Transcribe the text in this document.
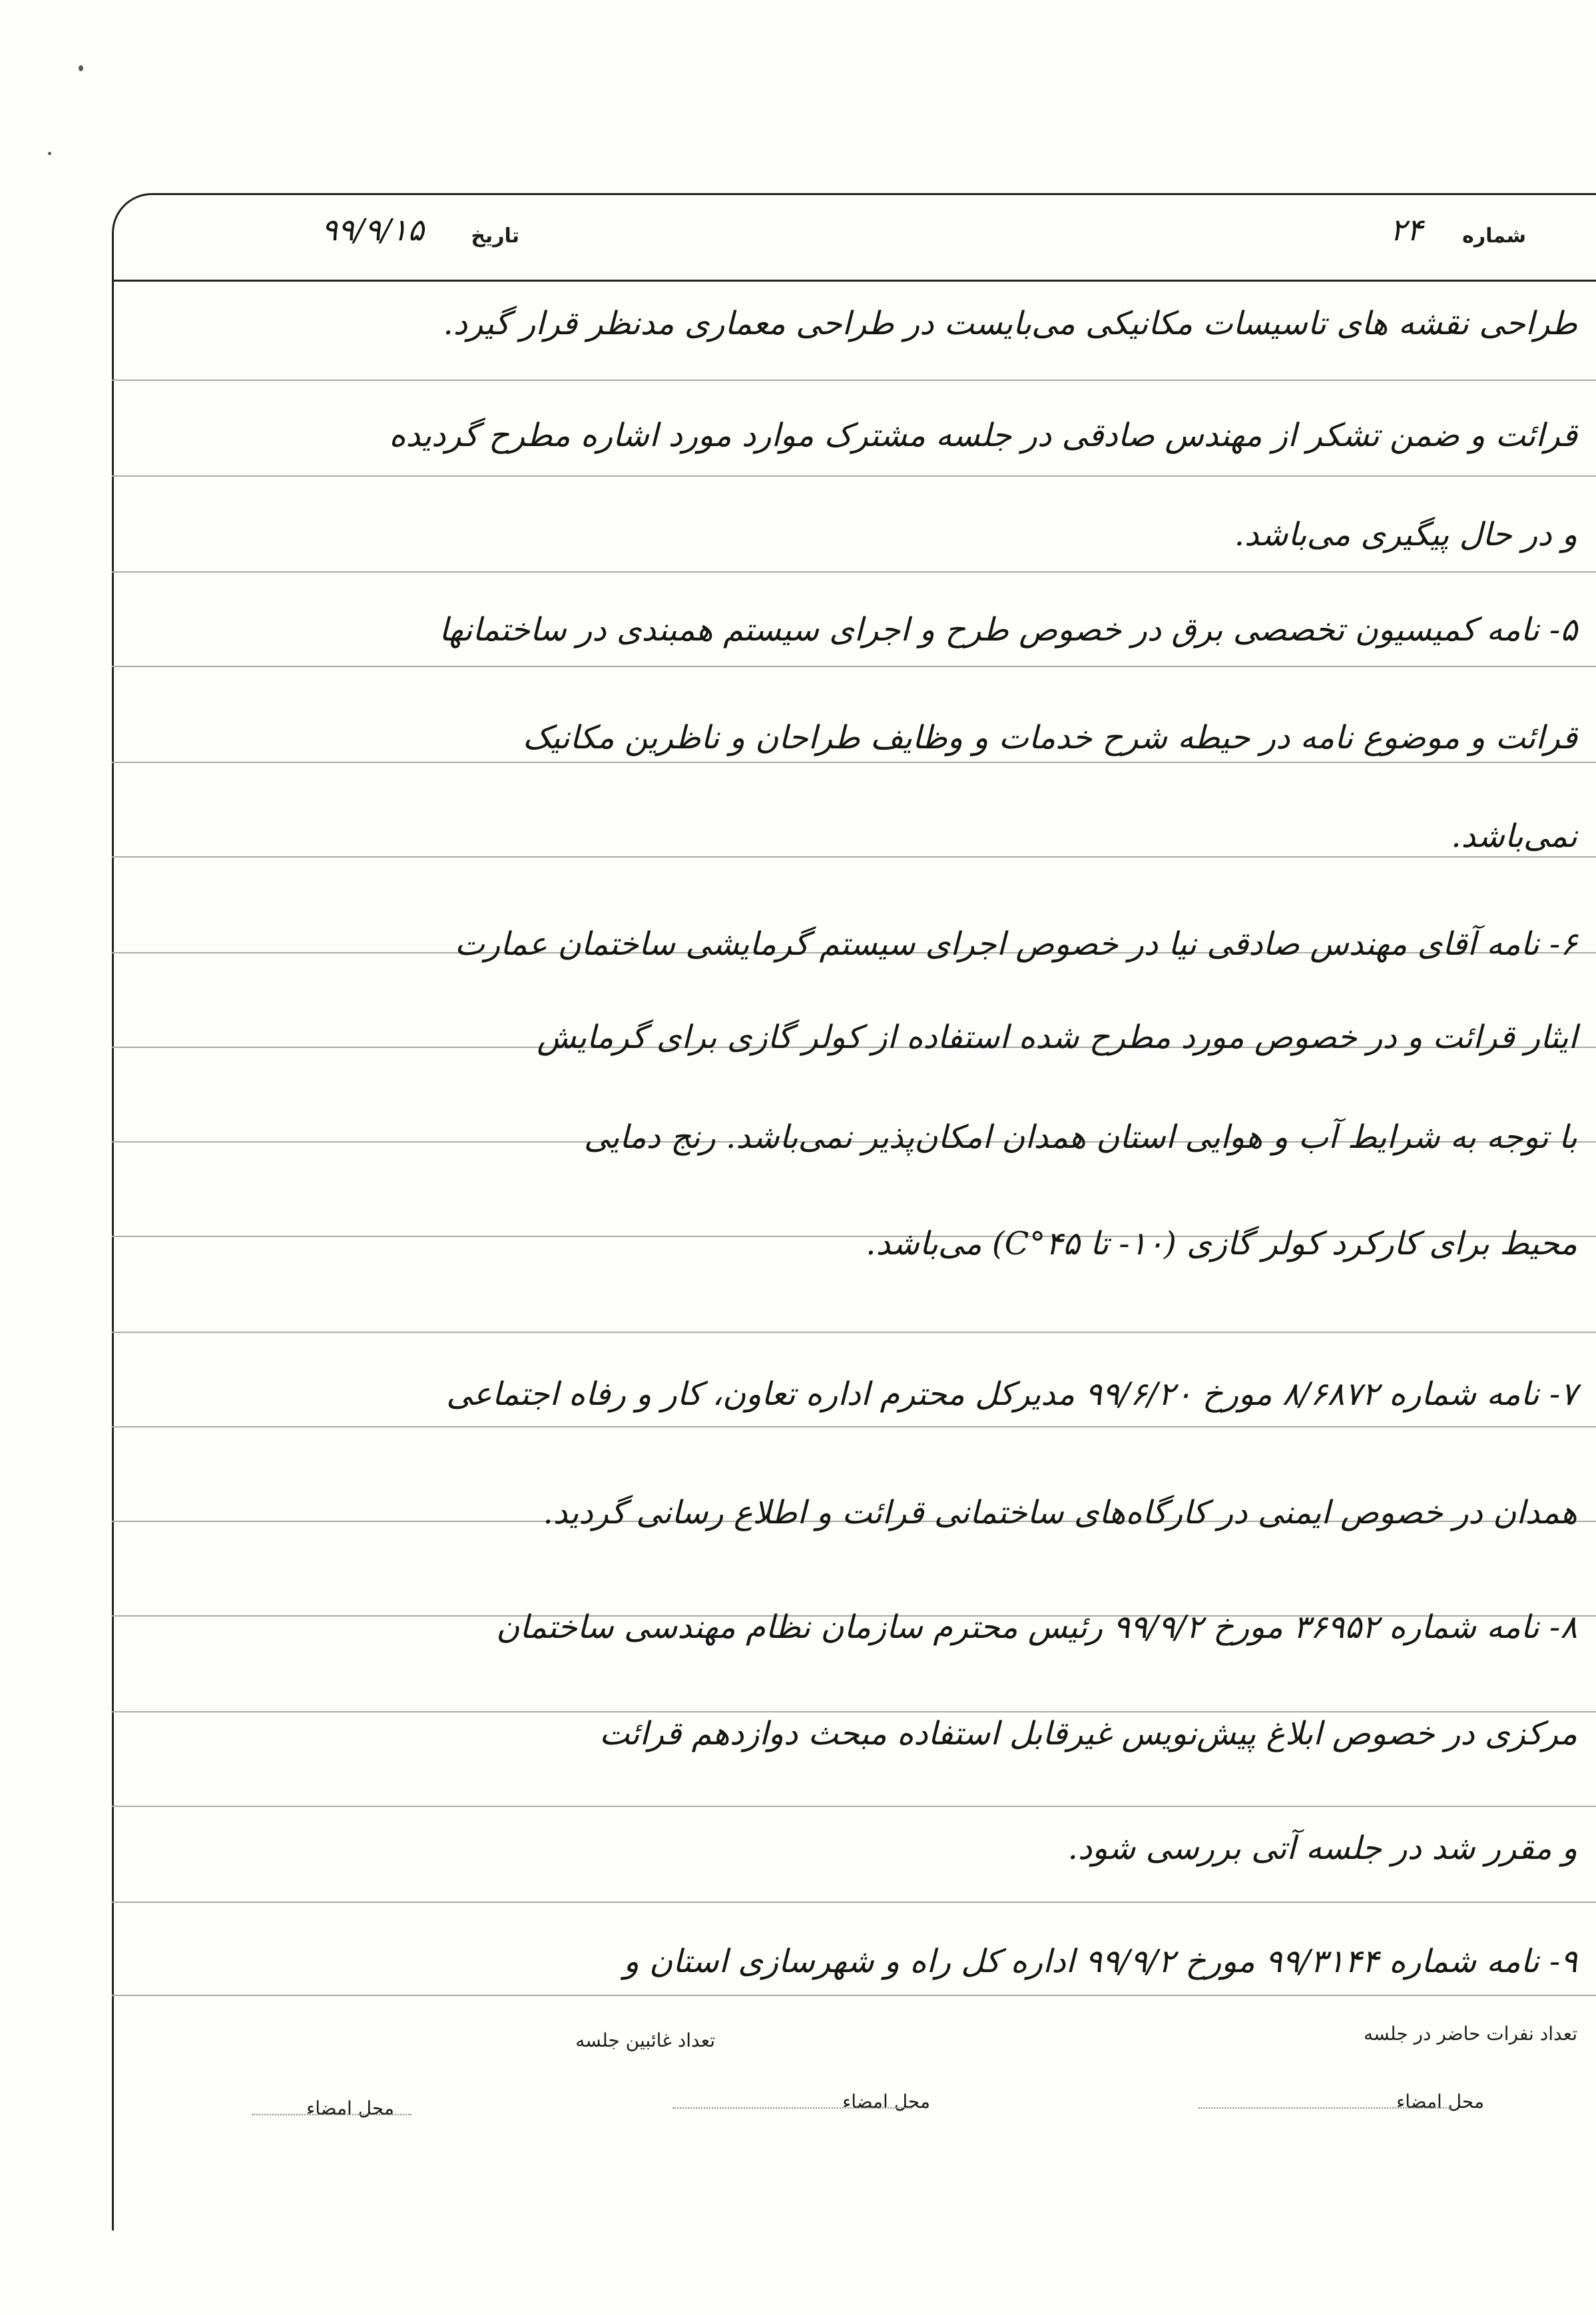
شماره
۲۴
تاریخ
۹۹/۹/۱۵
طراحی نقشه های تاسیسات مکانیکی می‌بایست در طراحی معماری مدنظر قرار گیرد.
قرائت و ضمن تشکر از مهندس صادقی در جلسه مشترک موارد مورد اشاره مطرح گردیده
و در حال پیگیری می‌باشد.
۵- نامه کمیسیون تخصصی برق در خصوص طرح و اجرای سیستم همبندی در ساختمانها
قرائت و موضوع نامه در حیطه شرح خدمات و وظایف طراحان و ناظرین مکانیک
نمی‌باشد.
۶- نامه آقای مهندس صادقی نیا در خصوص اجرای سیستم گرمایشی ساختمان عمارت
ایثار قرائت و در خصوص مورد مطرح شده استفاده از کولر گازی برای گرمایش
با توجه به شرایط آب و هوایی استان همدان امکان‌پذیر نمی‌باشد. رنج دمایی
محیط برای کارکرد کولر گازی (۱۰- تا ۴۵°C) می‌باشد.
۷- نامه شماره ۸/۶۸۷۲ مورخ ۹۹/۶/۲۰ مدیرکل محترم اداره تعاون، کار و رفاه اجتماعی
همدان در خصوص ایمنی در کارگاه‌های ساختمانی قرائت و اطلاع رسانی گردید.
۸- نامه شماره ۳۶۹۵۲ مورخ ۹۹/۹/۲ رئیس محترم سازمان نظام مهندسی ساختمان
مرکزی در خصوص ابلاغ پیش‌نویس غیرقابل استفاده مبحث دوازدهم قرائت
و مقرر شد در جلسه آتی بررسی شود.
۹- نامه شماره ۹۹/۳۱۴۴ مورخ ۹۹/۹/۲ اداره کل راه و شهرسازی استان و
تعداد نفرات حاضر در جلسه
تعداد غائبین جلسه
محل امضاء
محل امضاء
محل امضاء
